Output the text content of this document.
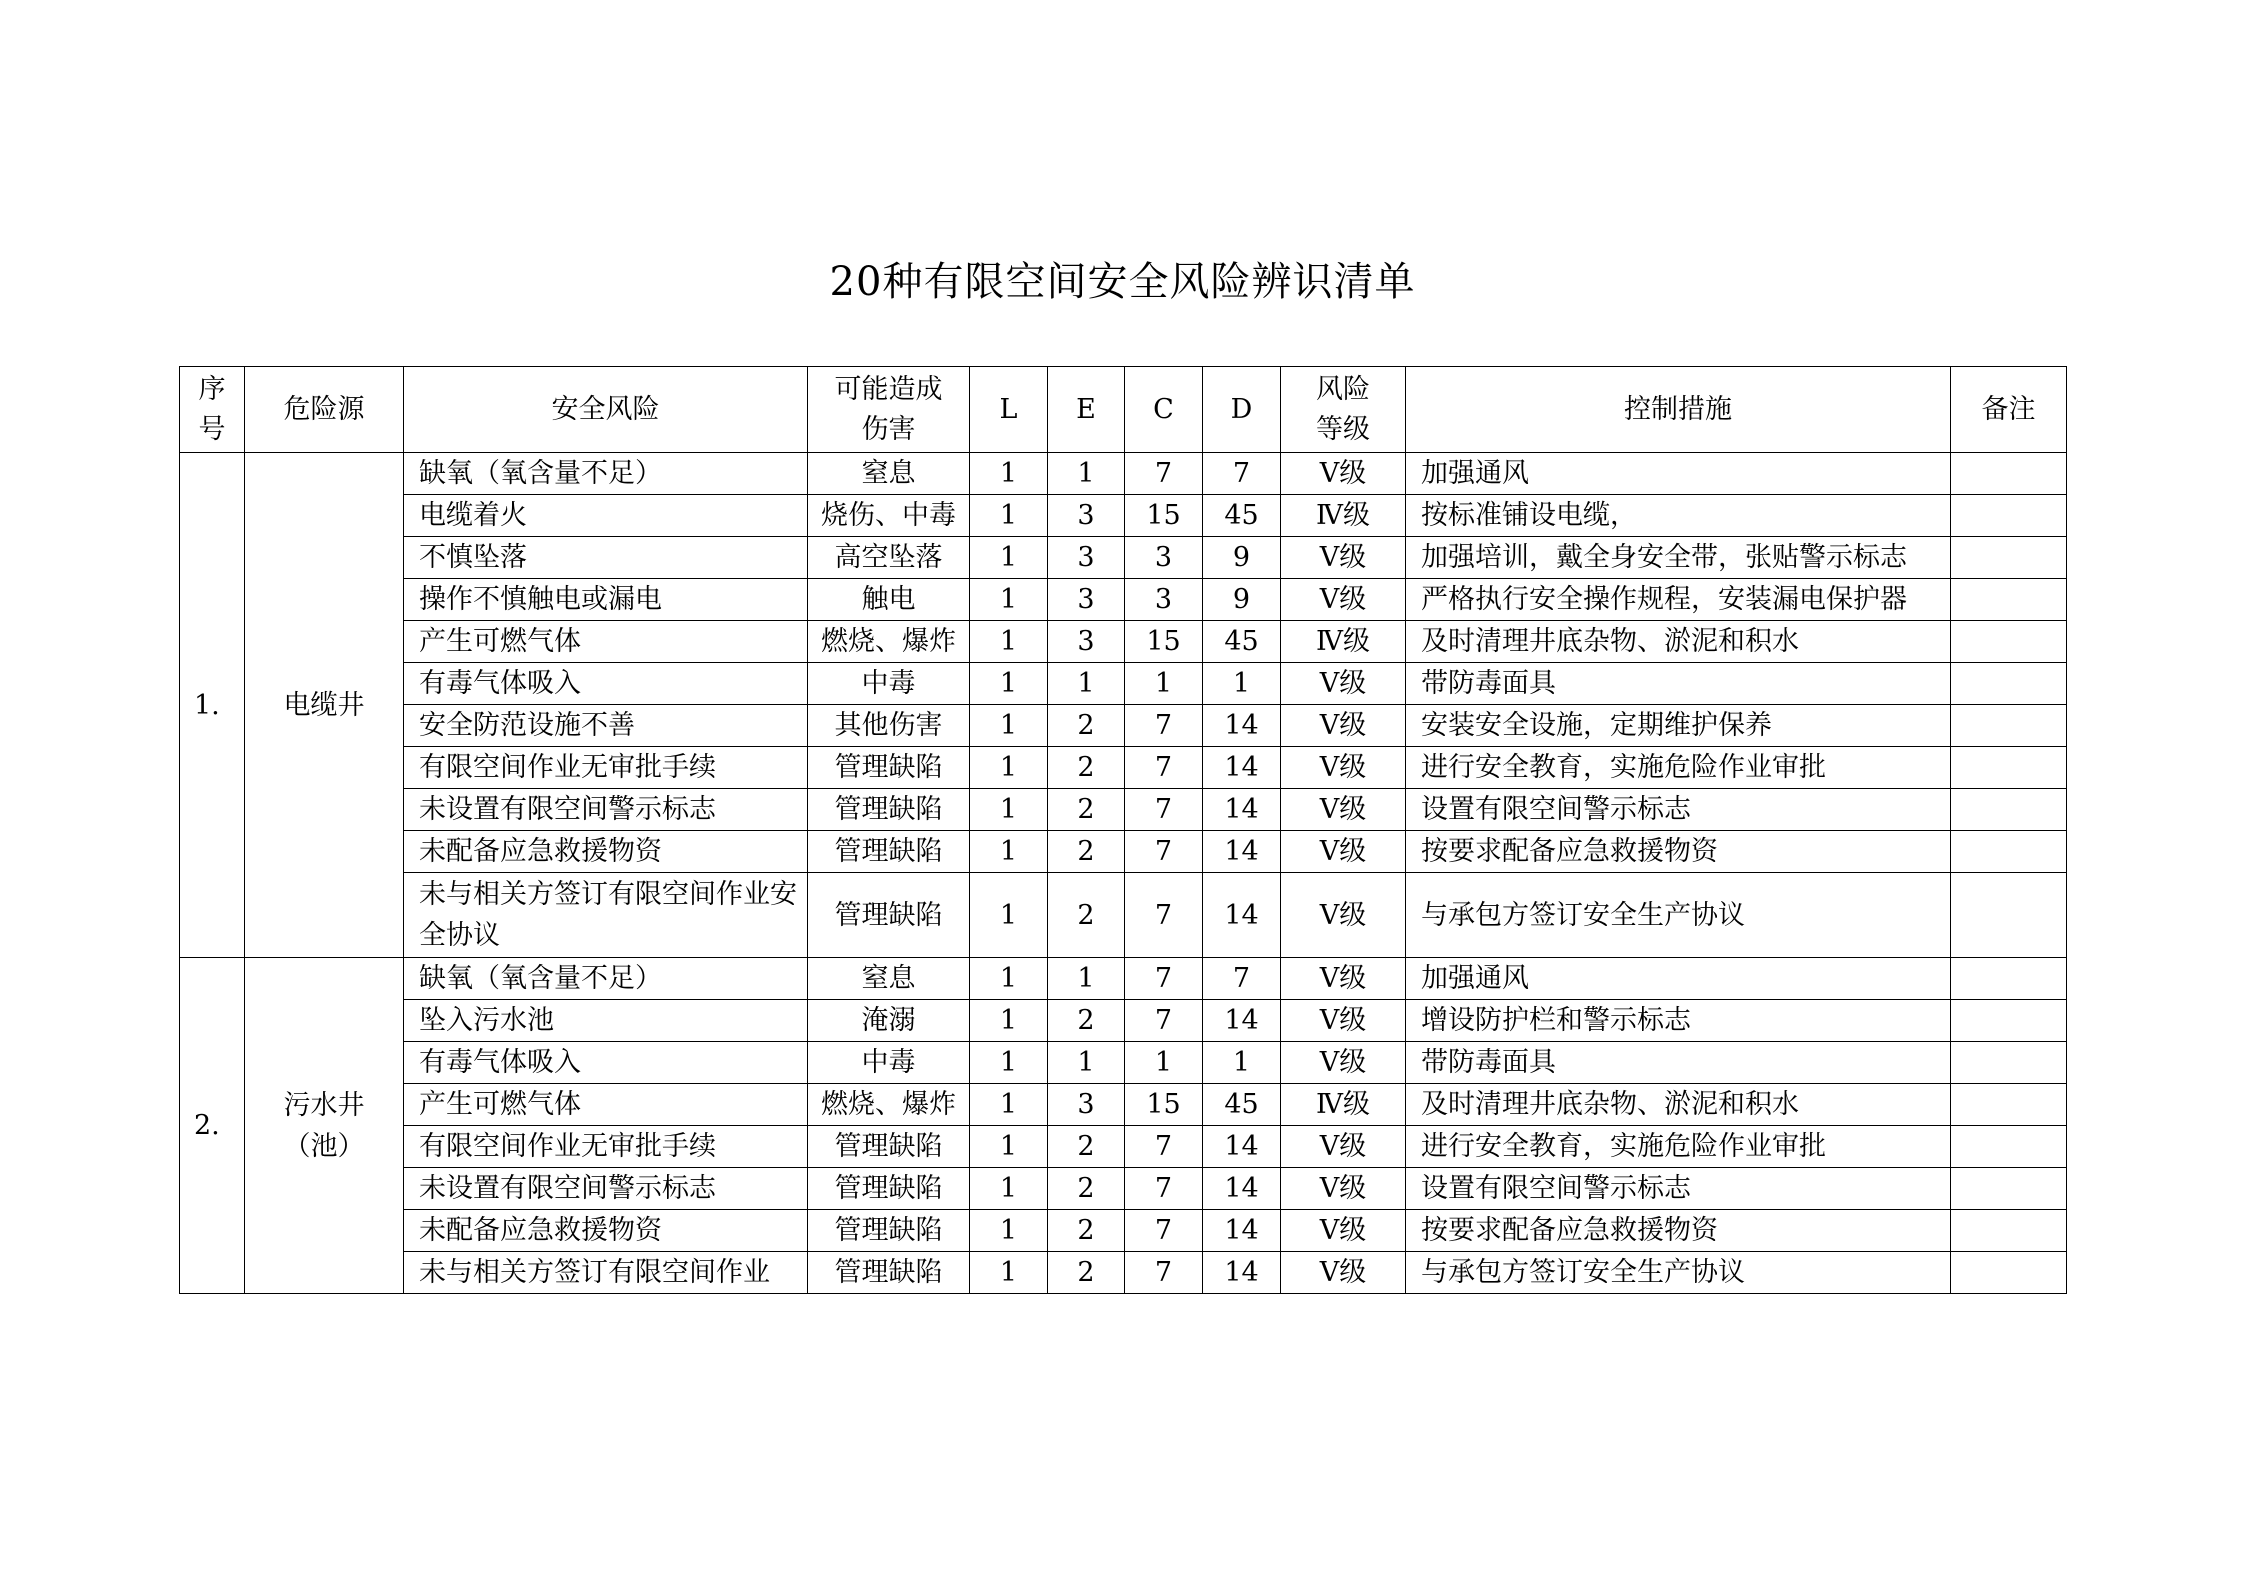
20种有限空间安全风险辨识清单
序号	危险源	安全风险	可能造成伤害	L	E	C	D	风险等级	控制措施	备注
1.	电缆井	缺氧（氧含量不足）	窒息	1	1	7	7	Ⅴ级	加强通风	
		电缆着火	烧伤、中毒	1	3	15	45	Ⅳ级	按标准铺设电缆，	
		不慎坠落	高空坠落	1	3	3	9	Ⅴ级	加强培训，戴全身安全带，张贴警示标志	
		操作不慎触电或漏电	触电	1	3	3	9	Ⅴ级	严格执行安全操作规程，安装漏电保护器	
		产生可燃气体	燃烧、爆炸	1	3	15	45	Ⅳ级	及时清理井底杂物、淤泥和积水	
		有毒气体吸入	中毒	1	1	1	1	Ⅴ级	带防毒面具	
		安全防范设施不善	其他伤害	1	2	7	14	Ⅴ级	安装安全设施，定期维护保养	
		有限空间作业无审批手续	管理缺陷	1	2	7	14	Ⅴ级	进行安全教育，实施危险作业审批	
		未设置有限空间警示标志	管理缺陷	1	2	7	14	Ⅴ级	设置有限空间警示标志	
		未配备应急救援物资	管理缺陷	1	2	7	14	Ⅴ级	按要求配备应急救援物资	
		未与相关方签订有限空间作业安全协议	管理缺陷	1	2	7	14	Ⅴ级	与承包方签订安全生产协议	
2.	污水井（池）	缺氧（氧含量不足）	窒息	1	1	7	7	Ⅴ级	加强通风	
		坠入污水池	淹溺	1	2	7	14	Ⅴ级	增设防护栏和警示标志	
		有毒气体吸入	中毒	1	1	1	1	Ⅴ级	带防毒面具	
		产生可燃气体	燃烧、爆炸	1	3	15	45	Ⅳ级	及时清理井底杂物、淤泥和积水	
		有限空间作业无审批手续	管理缺陷	1	2	7	14	Ⅴ级	进行安全教育，实施危险作业审批	
		未设置有限空间警示标志	管理缺陷	1	2	7	14	Ⅴ级	设置有限空间警示标志	
		未配备应急救援物资	管理缺陷	1	2	7	14	Ⅴ级	按要求配备应急救援物资	
		未与相关方签订有限空间作业	管理缺陷	1	2	7	14	Ⅴ级	与承包方签订安全生产协议	
